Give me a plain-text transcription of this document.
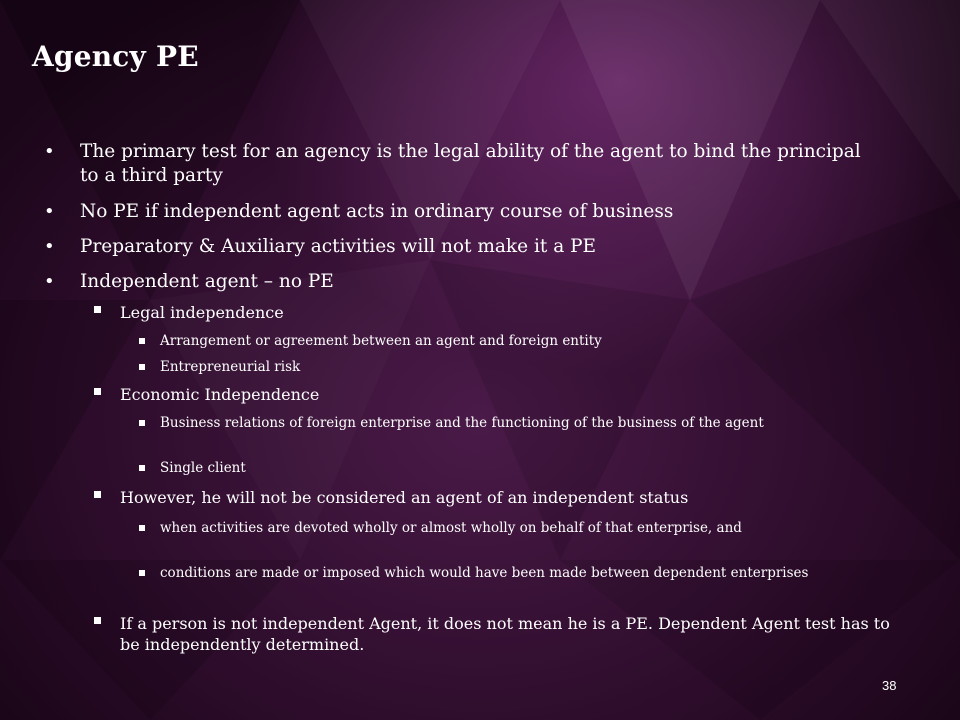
Agency PE
• The primary test for an agency is the legal ability of the agent to bind the principal to a third party
• No PE if independent agent acts in ordinary course of business
• Preparatory & Auxiliary activities will not make it a PE
• Independent agent – no PE
Legal independence
Arrangement or agreement between an agent and foreign entity
Entrepreneurial risk
Economic Independence
Business relations of foreign enterprise and the functioning of the business of the agent
Single client
However, he will not be considered an agent of an independent status
when activities are devoted wholly or almost wholly on behalf of that enterprise, and
conditions are made or imposed which would have been made between dependent enterprises
If a person is not independent Agent, it does not mean he is a PE. Dependent Agent test has to be independently determined.
38
